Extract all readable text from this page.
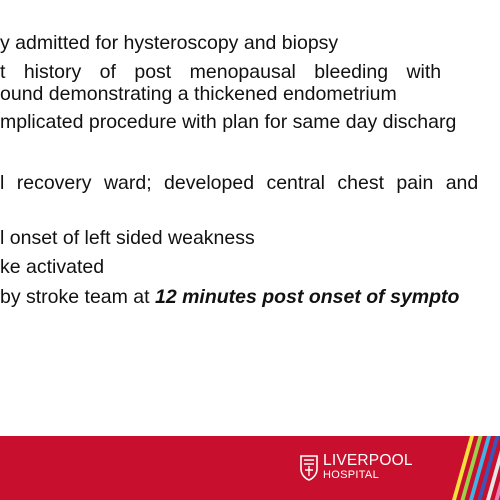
y admitted for hysteroscopy and biopsy
t history of post menopausal bleeding with
ound demonstrating a thickened endometrium
mplicated procedure with plan for same day discharg
l recovery ward; developed central chest pain and
l onset of left sided weakness
ke activated
by stroke team at 12 minutes post onset of sympto
LIVERPOOL
HOSPITAL
